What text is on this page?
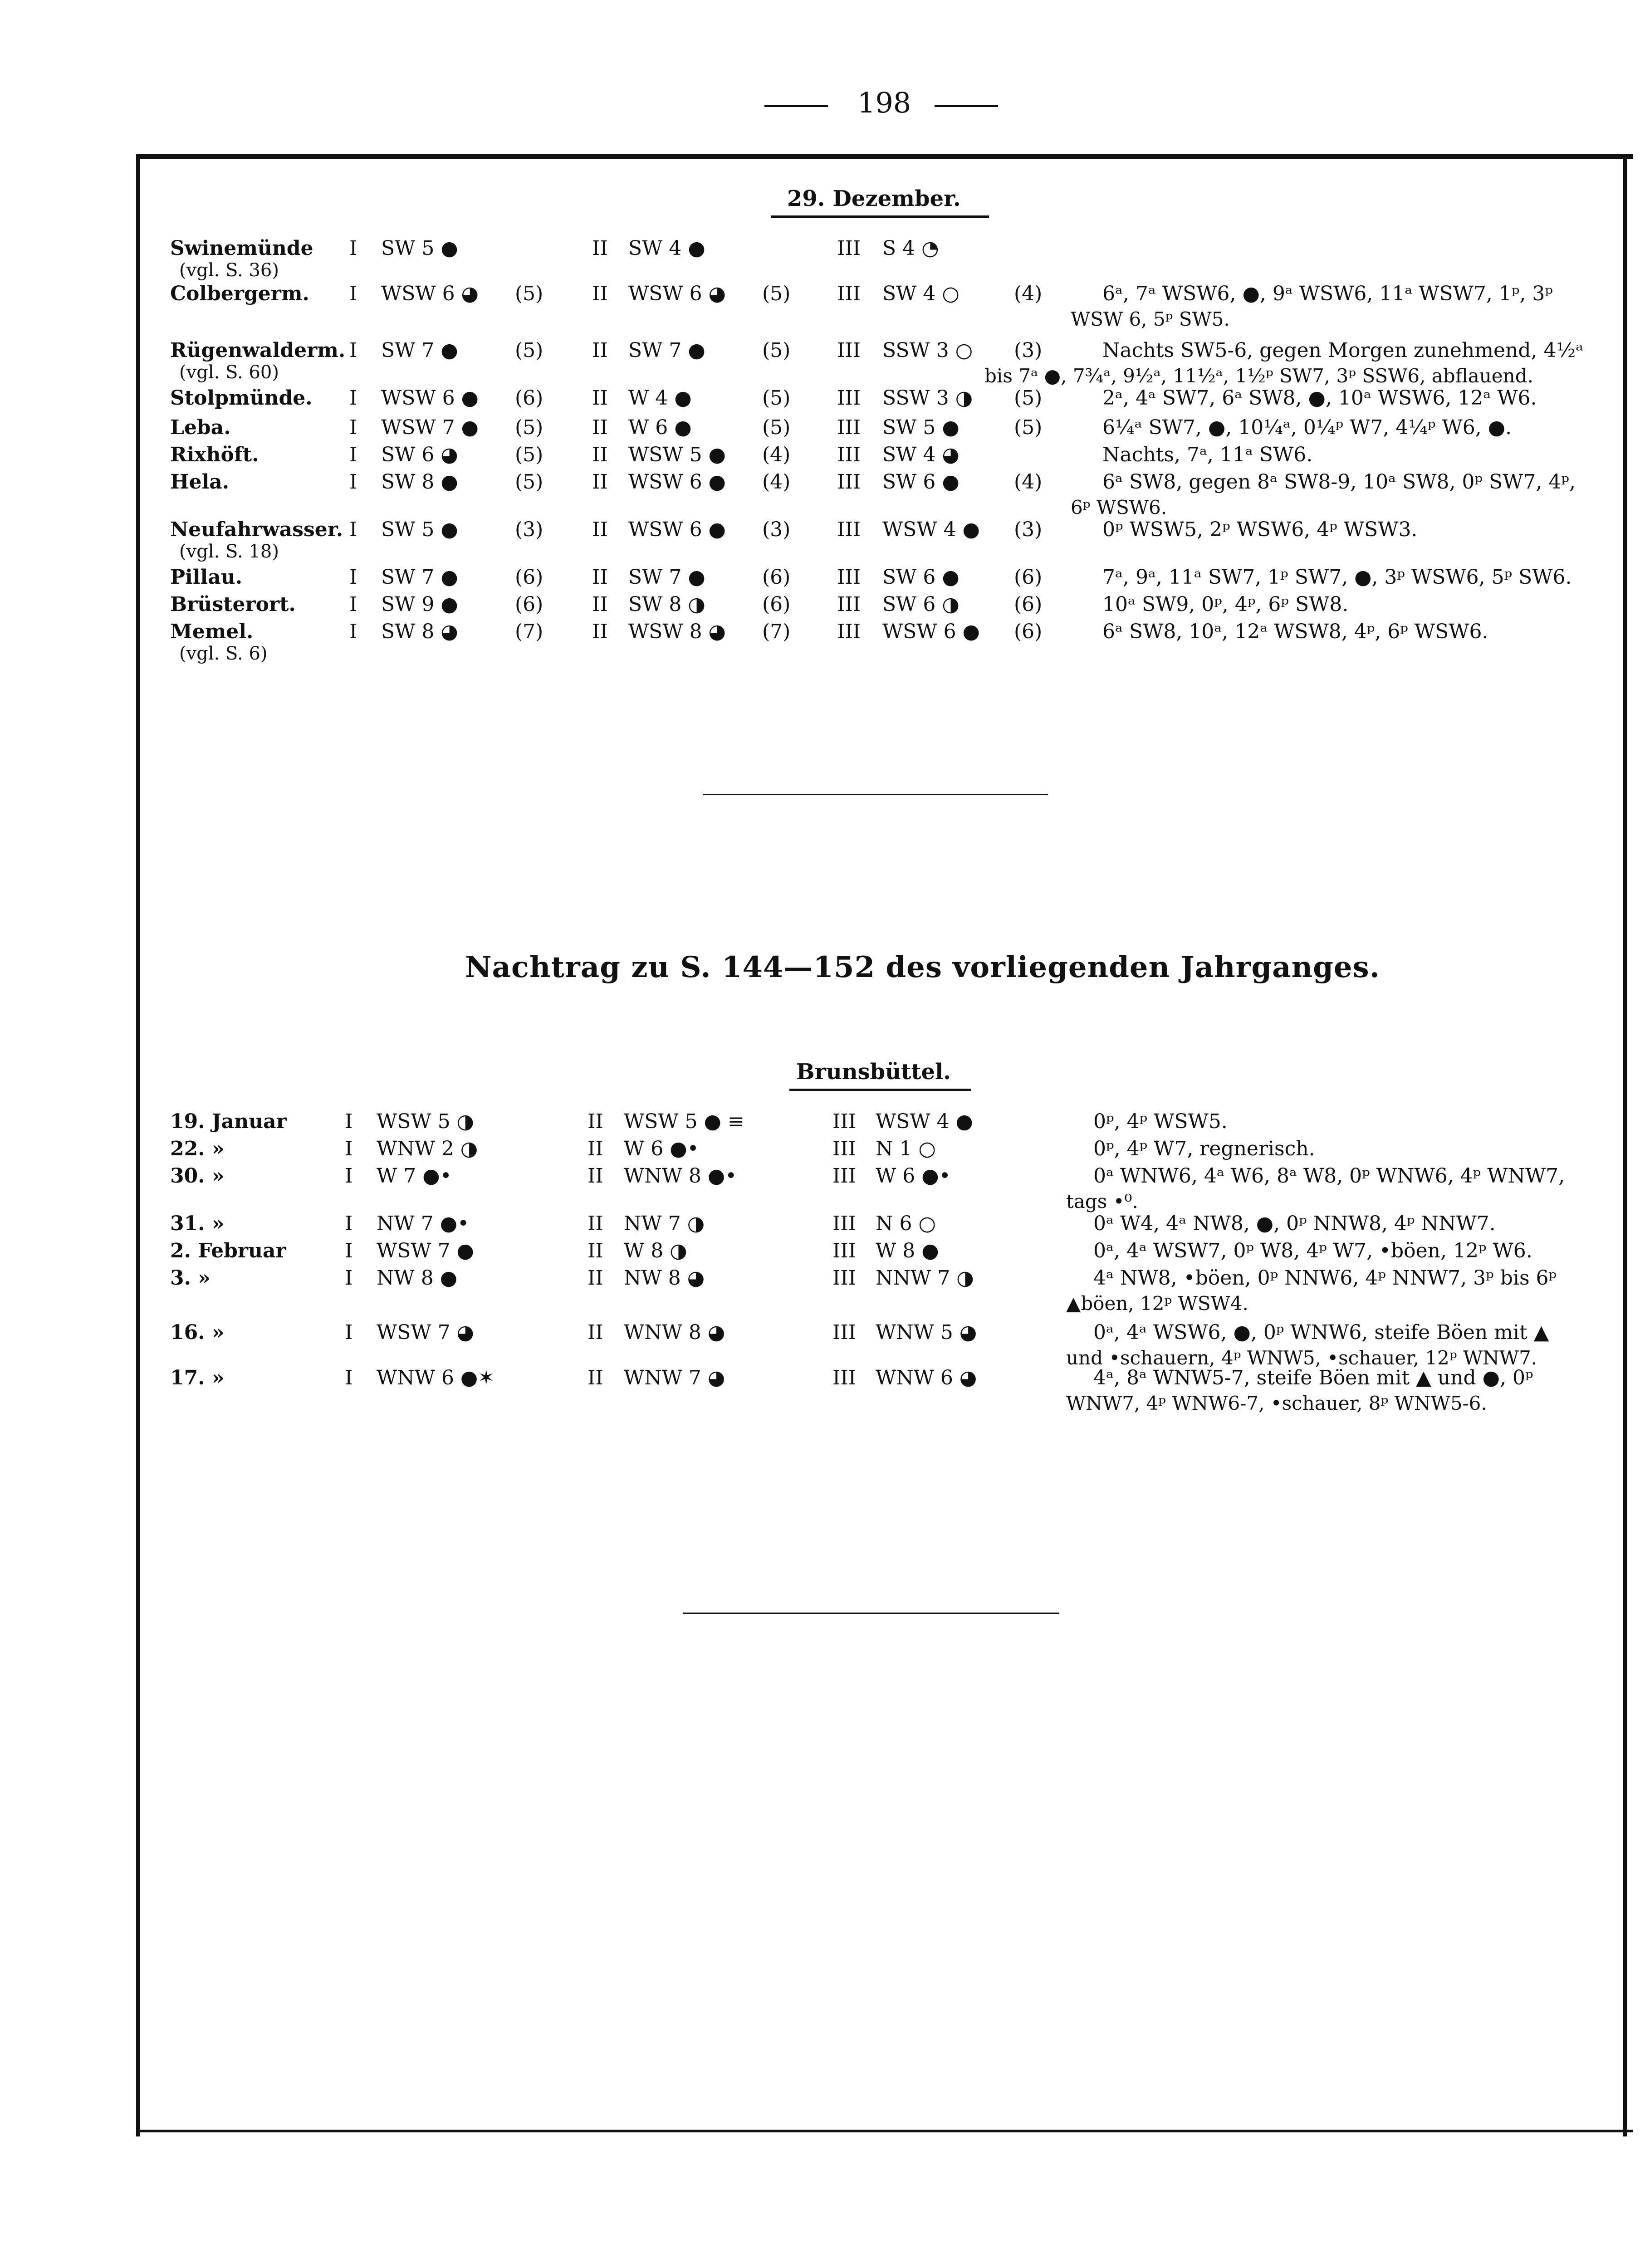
198
29. Dezember.
Swinemünde I SW 5 ●	II SW 4 ●	III S 4 ◔
(vgl. S. 36)
Colbergerm. I WSW 6 ◕ (5) II WSW 6 ◕ (5) III SW 4 ○	(4)	6ᵃ, 7ᵃ WSW6, ●, 9ᵃ WSW6, 11ᵃ WSW7, 1ᵖ, 3ᵖ
WSW 6, 5ᵖ SW5.
Rügenwalderm. I SW 7 ●	(5) II SW 7 ●	(5) III SSW 3 ○ (3)	Nachts SW5-6, gegen Morgen zunehmend, 4½ᵃ
(vgl. S. 60)	bis 7ᵃ ●, 7¾ᵃ, 9½ᵃ, 11½ᵃ, 1½ᵖ SW7, 3ᵖ SSW6, abflauend.
Stolpmünde. I WSW 6 ● (6) II W 4 ●	(5) III SSW 3 ◑ (5)	2ᵃ, 4ᵃ SW7, 6ᵃ SW8, ●, 10ᵃ WSW6, 12ᵃ W6.
Leba.	I WSW 7 ● (5) II W 6 ●	(5) III SW 5 ●	(5)	6¼ᵃ SW7, ●, 10¼ᵃ, 0¼ᵖ W7, 4¼ᵖ W6, ●.
Rixhöft.	I SW 6 ◕	(5) II WSW 5 ● (4) III SW 4 ◕	Nachts, 7ᵃ, 11ᵃ SW6.
Hela.	I SW 8 ●	(5) II WSW 6 ● (4) III SW 6 ●	(4)	6ᵃ SW8, gegen 8ᵃ SW8-9, 10ᵃ SW8, 0ᵖ SW7, 4ᵖ,
6ᵖ WSW6.
Neufahrwasser. I SW 5 ●	(3) II WSW 6 ● (3) III WSW 4 ● (3)	0ᵖ WSW5, 2ᵖ WSW6, 4ᵖ WSW3.
(vgl. S. 18)
Pillau.	I SW 7 ●	(6) II SW 7 ●	(6) III SW 6 ●	(6)	7ᵃ, 9ᵃ, 11ᵃ SW7, 1ᵖ SW7, ●, 3ᵖ WSW6, 5ᵖ SW6.
Brüsterort.	I SW 9 ●	(6) II SW 8 ◑	(6) III SW 6 ◑	(6)	10ᵃ SW9, 0ᵖ, 4ᵖ, 6ᵖ SW8.
Memel.	I SW 8 ◕	(7) II WSW 8 ◕ (7) III WSW 6 ● (6)	6ᵃ SW8, 10ᵃ, 12ᵃ WSW8, 4ᵖ, 6ᵖ WSW6.
(vgl. S. 6)
Nachtrag zu S. 144—152 des vorliegenden Jahrganges.
Brunsbüttel.
19. Januar	I WSW 5 ◑	II WSW 5 ● ≡	III WSW 4 ●	0ᵖ, 4ᵖ WSW5.
22. »	I WNW 2 ◑	II W 6 ●•	III N 1 ○	0ᵖ, 4ᵖ W7, regnerisch.
30. »	I W 7 ●•	II WNW 8 ●•	III W 6 ●•	0ᵃ WNW6, 4ᵃ W6, 8ᵃ W8, 0ᵖ WNW6, 4ᵖ WNW7,
tags •⁰.
31. »	I NW 7 ●•	II NW 7 ◑	III N 6 ○	0ᵃ W4, 4ᵃ NW8, ●, 0ᵖ NNW8, 4ᵖ NNW7.
2. Februar	I WSW 7 ●	II W 8 ◑	III W 8 ●	0ᵃ, 4ᵃ WSW7, 0ᵖ W8, 4ᵖ W7, •böen, 12ᵖ W6.
3. »	I NW 8 ●	II NW 8 ◕	III NNW 7 ◑	4ᵃ NW8, •böen, 0ᵖ NNW6, 4ᵖ NNW7, 3ᵖ bis 6ᵖ
▲böen, 12ᵖ WSW4.
16. »	I WSW 7 ◕	II WNW 8 ◕	III WNW 5 ◕	0ᵃ, 4ᵃ WSW6, ●, 0ᵖ WNW6, steife Böen mit ▲
und •schauern, 4ᵖ WNW5, •schauer, 12ᵖ WNW7.
17. »	I WNW 6 ●✶	II WNW 7 ◕	III WNW 6 ◕	4ᵃ, 8ᵃ WNW5-7, steife Böen mit ▲ und ●, 0ᵖ
WNW7, 4ᵖ WNW6-7, •schauer, 8ᵖ WNW5-6.
